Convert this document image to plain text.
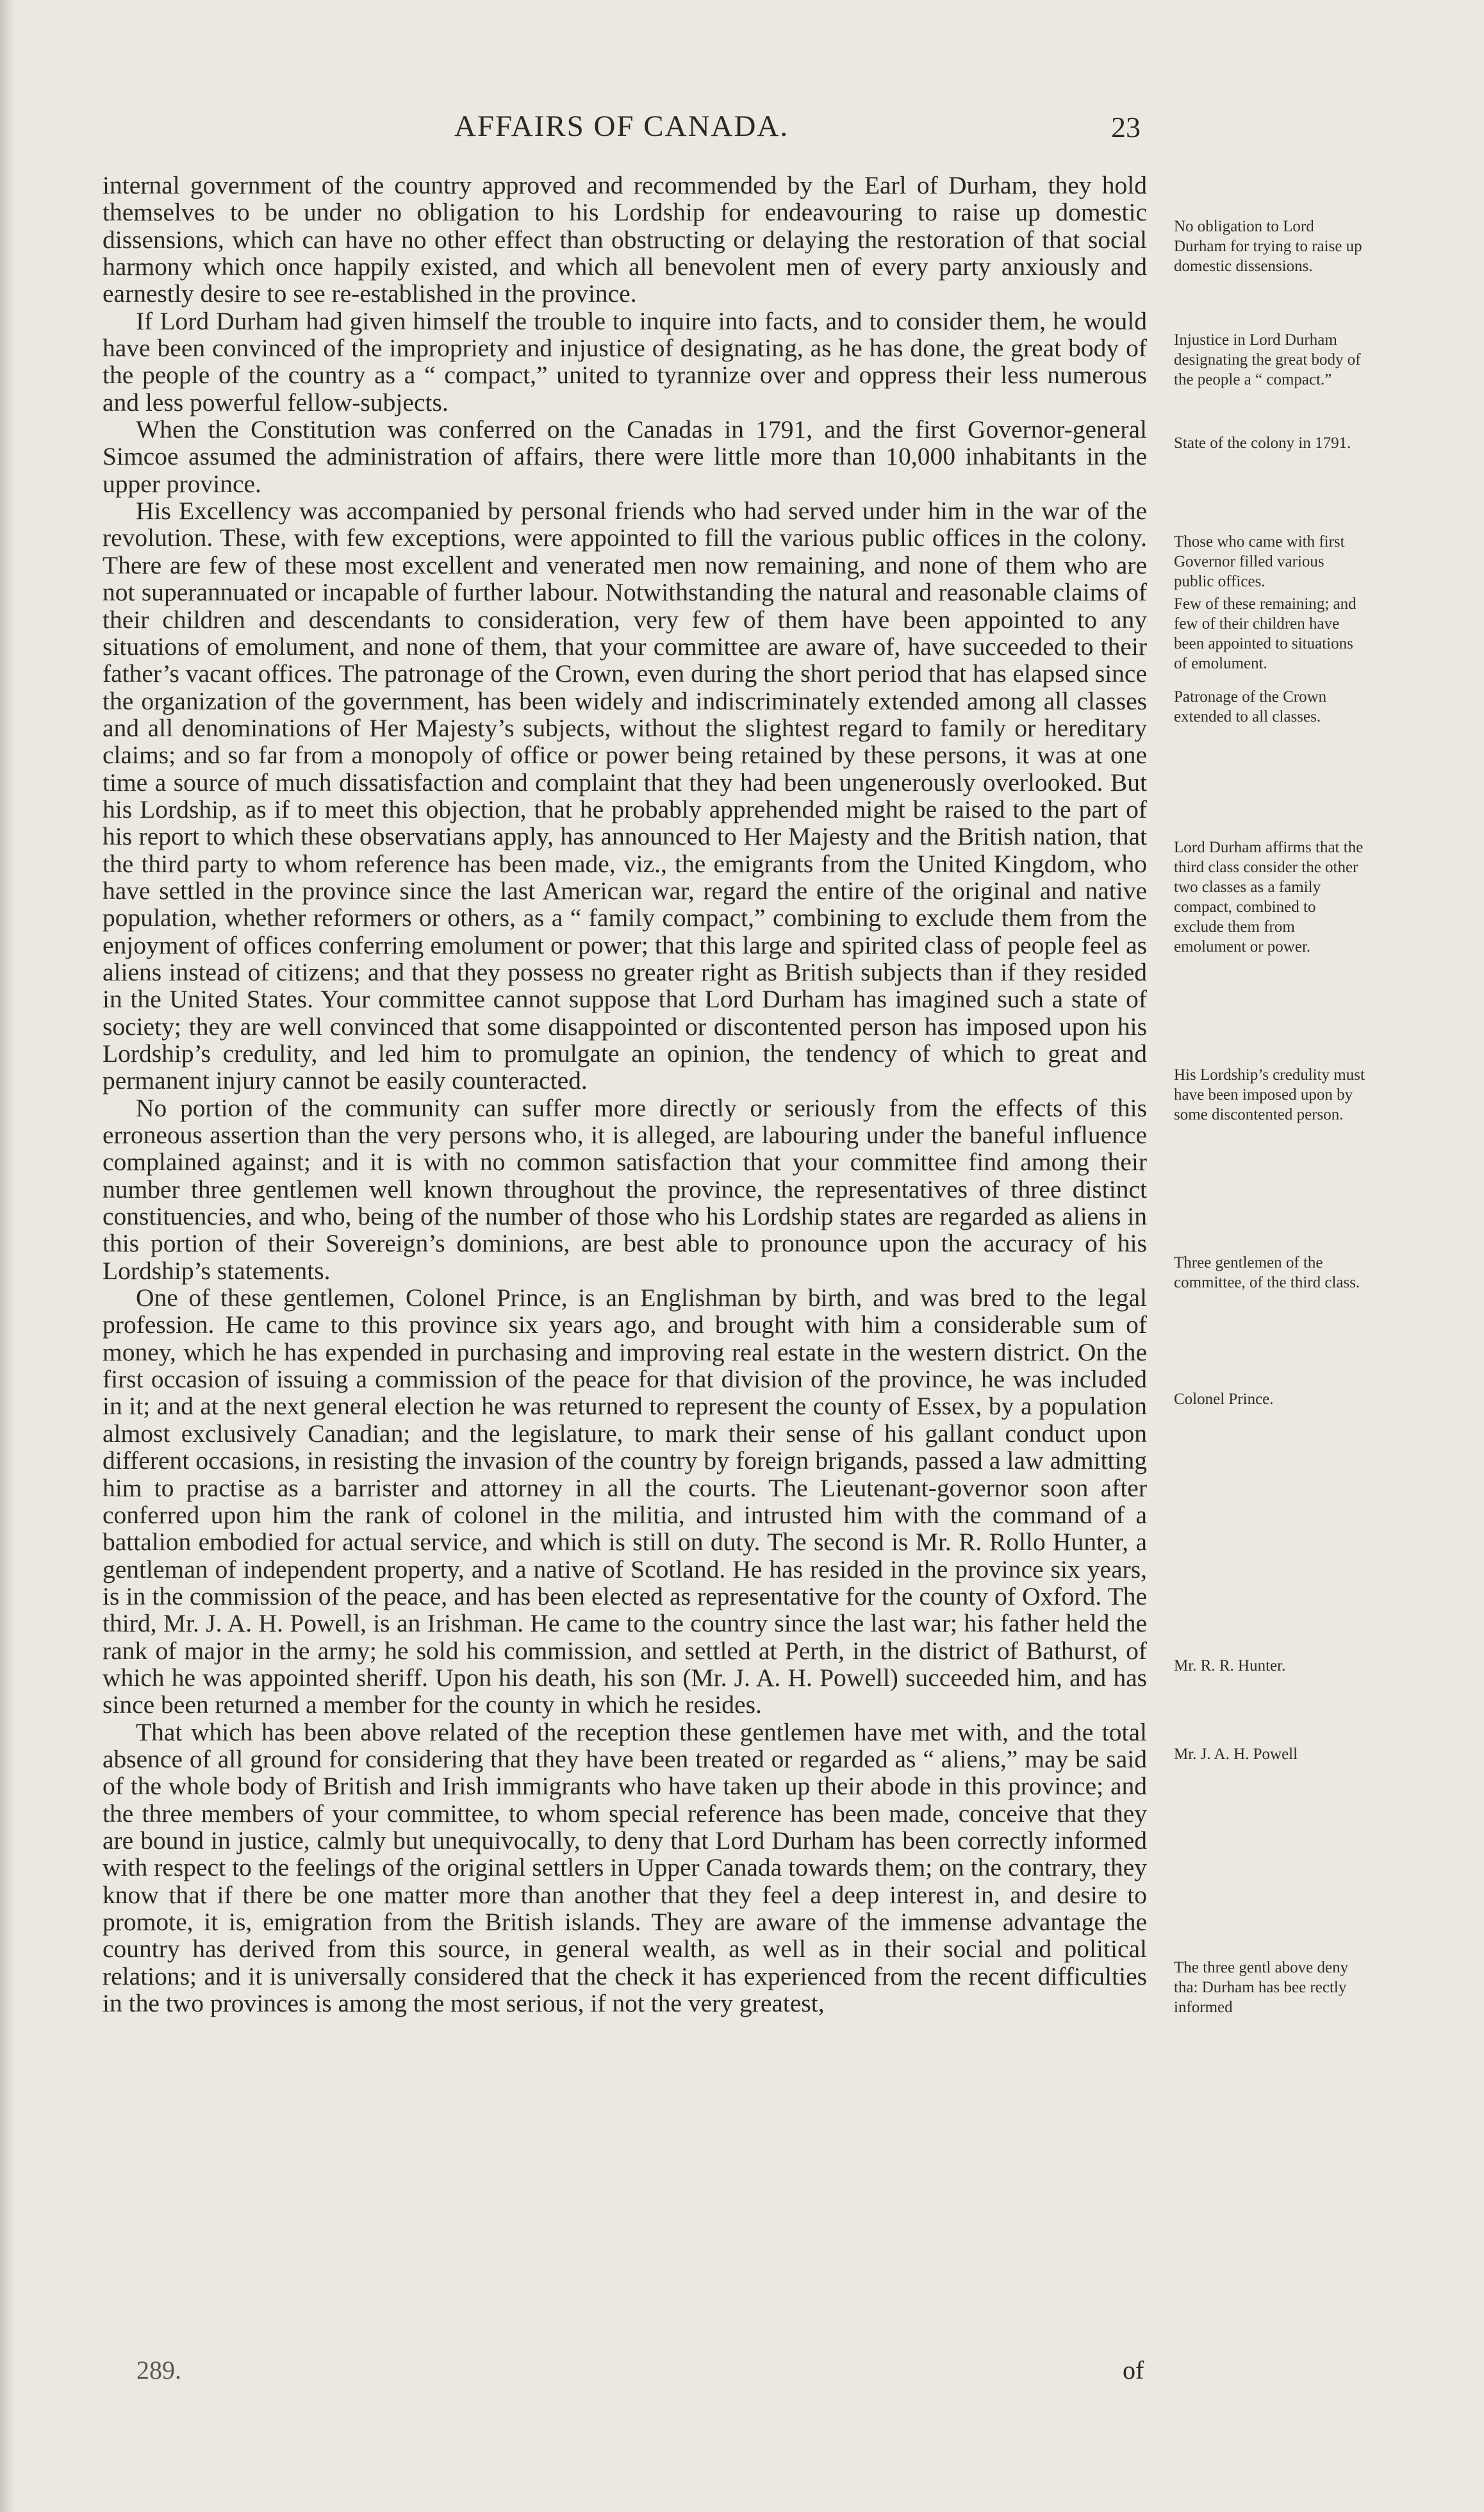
AFFAIRS OF CANADA.	23

internal government of the country approved and recommended by the Earl of Durham, they hold themselves to be under no obligation to his Lordship for endeavouring to raise up domestic dissensions, which can have no other effect than obstructing or delaying the restoration of that social harmony which once happily existed, and which all benevolent men of every party anxiously and earnestly desire to see re-established in the province.

If Lord Durham had given himself the trouble to inquire into facts, and to consider them, he would have been convinced of the impropriety and injustice of designating, as he has done, the great body of the people of the country as a “ compact,” united to tyrannize over and oppress their less numerous and less powerful fellow-subjects.

When the Constitution was conferred on the Canadas in 1791, and the first Governor-general Simcoe assumed the administration of affairs, there were little more than 10,000 inhabitants in the upper province.

His Excellency was accompanied by personal friends who had served under him in the war of the revolution. These, with few exceptions, were appointed to fill the various public offices in the colony. There are few of these most excellent and venerated men now remaining, and none of them who are not superannuated or incapable of further labour. Notwithstanding the natural and reasonable claims of their children and descendants to consideration, very few of them have been appointed to any situations of emolument, and none of them, that your committee are aware of, have succeeded to their father’s vacant offices. The patronage of the Crown, even during the short period that has elapsed since the organization of the government, has been widely and indiscriminately extended among all classes and all denominations of Her Majesty’s subjects, without the slightest regard to family or hereditary claims; and so far from a monopoly of office or power being retained by these persons, it was at one time a source of much dissatisfaction and complaint that they had been ungenerously overlooked. But his Lordship, as if to meet this objection, that he probably apprehended might be raised to the part of his report to which these observatians apply, has announced to Her Majesty and the British nation, that the third party to whom reference has been made, viz., the emigrants from the United Kingdom, who have settled in the province since the last American war, regard the entire of the original and native population, whether reformers or others, as a “ family compact,” combining to exclude them from the enjoyment of offices conferring emolument or power; that this large and spirited class of people feel as aliens instead of citizens; and that they possess no greater right as British subjects than if they resided in the United States. Your committee cannot suppose that Lord Durham has imagined such a state of society; they are well convinced that some disappointed or discontented person has imposed upon his Lordship’s credulity, and led him to promulgate an opinion, the tendency of which to great and permanent injury cannot be easily counteracted.

No portion of the community can suffer more directly or seriously from the effects of this erroneous assertion than the very persons who, it is alleged, are labouring under the baneful influence complained against; and it is with no common satisfaction that your committee find among their number three gentlemen well known throughout the province, the representatives of three distinct constituencies, and who, being of the number of those who his Lordship states are regarded as aliens in this portion of their Sovereign’s dominions, are best able to pronounce upon the accuracy of his Lordship’s statements.

One of these gentlemen, Colonel Prince, is an Englishman by birth, and was bred to the legal profession. He came to this province six years ago, and brought with him a considerable sum of money, which he has expended in purchasing and improving real estate in the western district. On the first occasion of issuing a commission of the peace for that division of the province, he was included in it; and at the next general election he was returned to represent the county of Essex, by a population almost exclusively Canadian; and the legislature, to mark their sense of his gallant conduct upon different occasions, in resisting the invasion of the country by foreign brigands, passed a law admitting him to practise as a barrister and attorney in all the courts. The Lieutenant-governor soon after conferred upon him the rank of colonel in the militia, and intrusted him with the command of a battalion embodied for actual service, and which is still on duty. The second is Mr. R. Rollo Hunter, a gentleman of independent property, and a native of Scotland. He has resided in the province six years, is in the commission of the peace, and has been elected as representative for the county of Oxford. The third, Mr. J. A. H. Powell, is an Irishman. He came to the country since the last war; his father held the rank of major in the army; he sold his commission, and settled at Perth, in the district of Bathurst, of which he was appointed sheriff. Upon his death, his son (Mr. J. A. H. Powell) succeeded him, and has since been returned a member for the county in which he resides.

That which has been above related of the reception these gentlemen have met with, and the total absence of all ground for considering that they have been treated or regarded as “ aliens,” may be said of the whole body of British and Irish immigrants who have taken up their abode in this province; and the three members of your committee, to whom special reference has been made, conceive that they are bound in justice, calmly but unequivocally, to deny that Lord Durham has been correctly informed with respect to the feelings of the original settlers in Upper Canada towards them; on the contrary, they know that if there be one matter more than another that they feel a deep interest in, and desire to promote, it is, emigration from the British islands. They are aware of the immense advantage the country has derived from this source, in general wealth, as well as in their social and political relations; and it is universally considered that the check it has experienced from the recent difficulties in the two provinces is among the most serious, if not the very greatest,

No obligation to Lord Durham for trying to raise up domestic dissensions.
Injustice in Lord Durham designating the great body of the people a “ compact.”
State of the colony in 1791.
Those who came with first Governor filled various public offices.
Few of these remaining; and few of their children have been appointed to situations of emolument.
Patronage of the Crown extended to all classes.
Lord Durham affirms that the third class consider the other two classes as a family compact, combined to exclude them from emolument or power.
His Lordship’s credulity must have been imposed upon by some discontented person.
Three gentlemen of the committee, of the third class.
Colonel Prince.
Mr. R. R. Hunter.
Mr. J. A. H. Powell
The three gentl above deny tha: Durham has bee rectly informed
289.	of
